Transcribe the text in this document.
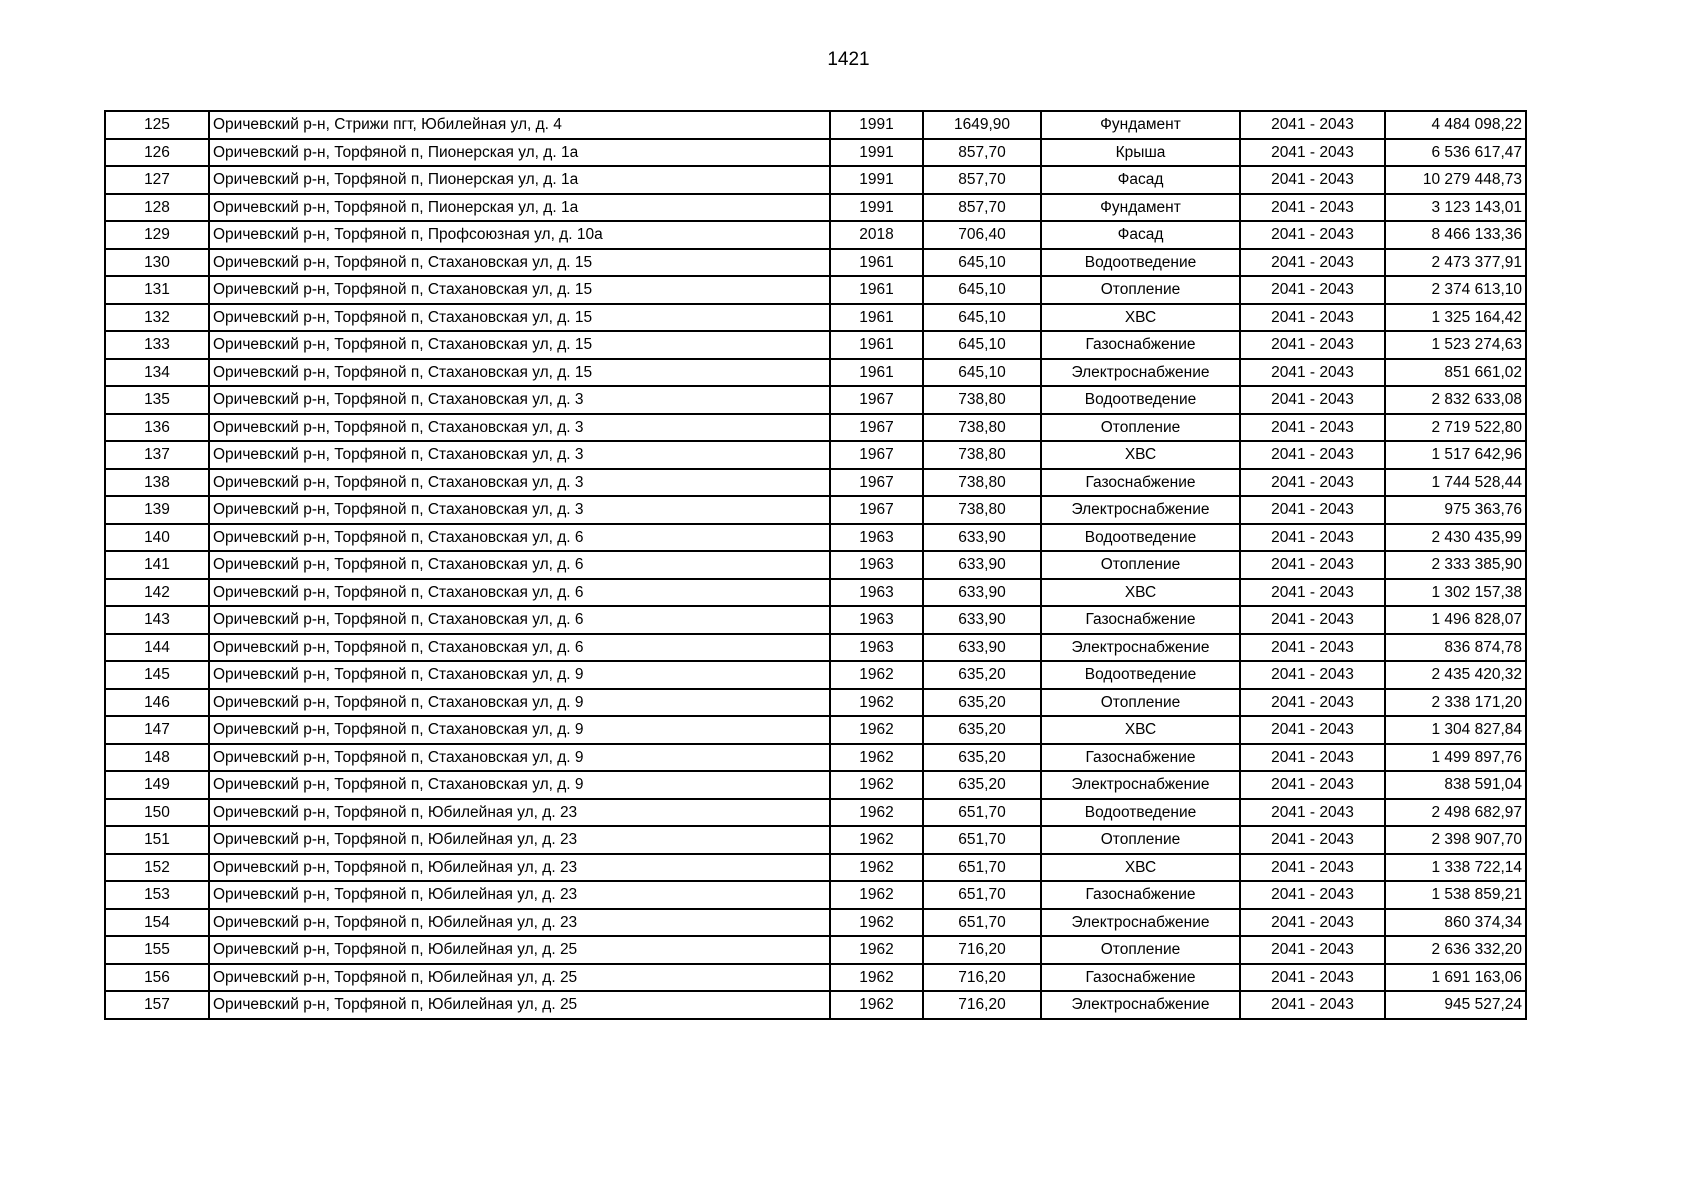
1421
125	Оричевский р-н, Стрижи пгт, Юбилейная ул, д. 4	1991	1649,90	Фундамент	2041 - 2043	4 484 098,22
126	Оричевский р-н, Торфяной п, Пионерская ул, д. 1а	1991	857,70	Крыша	2041 - 2043	6 536 617,47
127	Оричевский р-н, Торфяной п, Пионерская ул, д. 1а	1991	857,70	Фасад	2041 - 2043	10 279 448,73
128	Оричевский р-н, Торфяной п, Пионерская ул, д. 1а	1991	857,70	Фундамент	2041 - 2043	3 123 143,01
129	Оричевский р-н, Торфяной п, Профсоюзная ул, д. 10а	2018	706,40	Фасад	2041 - 2043	8 466 133,36
130	Оричевский р-н, Торфяной п, Стахановская ул, д. 15	1961	645,10	Водоотведение	2041 - 2043	2 473 377,91
131	Оричевский р-н, Торфяной п, Стахановская ул, д. 15	1961	645,10	Отопление	2041 - 2043	2 374 613,10
132	Оричевский р-н, Торфяной п, Стахановская ул, д. 15	1961	645,10	ХВС	2041 - 2043	1 325 164,42
133	Оричевский р-н, Торфяной п, Стахановская ул, д. 15	1961	645,10	Газоснабжение	2041 - 2043	1 523 274,63
134	Оричевский р-н, Торфяной п, Стахановская ул, д. 15	1961	645,10	Электроснабжение	2041 - 2043	851 661,02
135	Оричевский р-н, Торфяной п, Стахановская ул, д. 3	1967	738,80	Водоотведение	2041 - 2043	2 832 633,08
136	Оричевский р-н, Торфяной п, Стахановская ул, д. 3	1967	738,80	Отопление	2041 - 2043	2 719 522,80
137	Оричевский р-н, Торфяной п, Стахановская ул, д. 3	1967	738,80	ХВС	2041 - 2043	1 517 642,96
138	Оричевский р-н, Торфяной п, Стахановская ул, д. 3	1967	738,80	Газоснабжение	2041 - 2043	1 744 528,44
139	Оричевский р-н, Торфяной п, Стахановская ул, д. 3	1967	738,80	Электроснабжение	2041 - 2043	975 363,76
140	Оричевский р-н, Торфяной п, Стахановская ул, д. 6	1963	633,90	Водоотведение	2041 - 2043	2 430 435,99
141	Оричевский р-н, Торфяной п, Стахановская ул, д. 6	1963	633,90	Отопление	2041 - 2043	2 333 385,90
142	Оричевский р-н, Торфяной п, Стахановская ул, д. 6	1963	633,90	ХВС	2041 - 2043	1 302 157,38
143	Оричевский р-н, Торфяной п, Стахановская ул, д. 6	1963	633,90	Газоснабжение	2041 - 2043	1 496 828,07
144	Оричевский р-н, Торфяной п, Стахановская ул, д. 6	1963	633,90	Электроснабжение	2041 - 2043	836 874,78
145	Оричевский р-н, Торфяной п, Стахановская ул, д. 9	1962	635,20	Водоотведение	2041 - 2043	2 435 420,32
146	Оричевский р-н, Торфяной п, Стахановская ул, д. 9	1962	635,20	Отопление	2041 - 2043	2 338 171,20
147	Оричевский р-н, Торфяной п, Стахановская ул, д. 9	1962	635,20	ХВС	2041 - 2043	1 304 827,84
148	Оричевский р-н, Торфяной п, Стахановская ул, д. 9	1962	635,20	Газоснабжение	2041 - 2043	1 499 897,76
149	Оричевский р-н, Торфяной п, Стахановская ул, д. 9	1962	635,20	Электроснабжение	2041 - 2043	838 591,04
150	Оричевский р-н, Торфяной п, Юбилейная ул, д. 23	1962	651,70	Водоотведение	2041 - 2043	2 498 682,97
151	Оричевский р-н, Торфяной п, Юбилейная ул, д. 23	1962	651,70	Отопление	2041 - 2043	2 398 907,70
152	Оричевский р-н, Торфяной п, Юбилейная ул, д. 23	1962	651,70	ХВС	2041 - 2043	1 338 722,14
153	Оричевский р-н, Торфяной п, Юбилейная ул, д. 23	1962	651,70	Газоснабжение	2041 - 2043	1 538 859,21
154	Оричевский р-н, Торфяной п, Юбилейная ул, д. 23	1962	651,70	Электроснабжение	2041 - 2043	860 374,34
155	Оричевский р-н, Торфяной п, Юбилейная ул, д. 25	1962	716,20	Отопление	2041 - 2043	2 636 332,20
156	Оричевский р-н, Торфяной п, Юбилейная ул, д. 25	1962	716,20	Газоснабжение	2041 - 2043	1 691 163,06
157	Оричевский р-н, Торфяной п, Юбилейная ул, д. 25	1962	716,20	Электроснабжение	2041 - 2043	945 527,24
